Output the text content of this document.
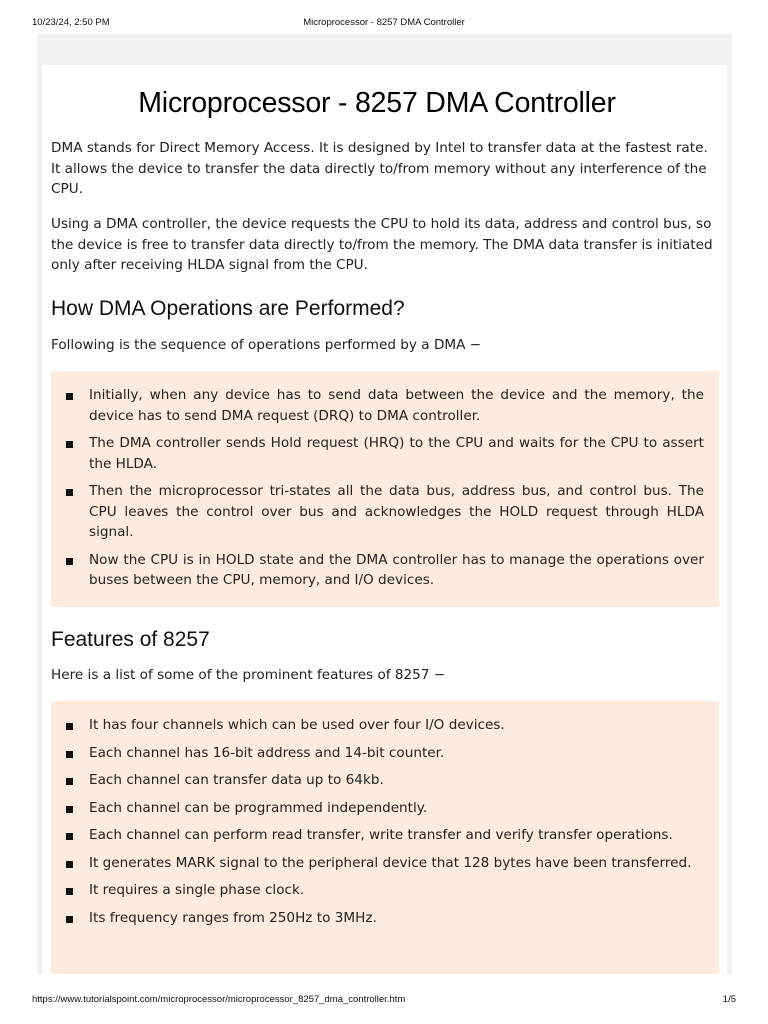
10/23/24, 2:50 PM	Microprocessor - 8257 DMA Controller
Microprocessor - 8257 DMA Controller

DMA stands for Direct Memory Access. It is designed by Intel to transfer data at the fastest rate. It allows the device to transfer the data directly to/from memory without any interference of the CPU.

Using a DMA controller, the device requests the CPU to hold its data, address and control bus, so the device is free to transfer data directly to/from the memory. The DMA data transfer is initiated only after receiving HLDA signal from the CPU.

How DMA Operations are Performed?

Following is the sequence of operations performed by a DMA −

Initially, when any device has to send data between the device and the memory, the device has to send DMA request (DRQ) to DMA controller.
The DMA controller sends Hold request (HRQ) to the CPU and waits for the CPU to assert the HLDA.
Then the microprocessor tri-states all the data bus, address bus, and control bus. The CPU leaves the control over bus and acknowledges the HOLD request through HLDA signal.
Now the CPU is in HOLD state and the DMA controller has to manage the operations over buses between the CPU, memory, and I/O devices.
Features of 8257

Here is a list of some of the prominent features of 8257 −

It has four channels which can be used over four I/O devices.
Each channel has 16-bit address and 14-bit counter.
Each channel can transfer data up to 64kb.
Each channel can be programmed independently.
Each channel can perform read transfer, write transfer and verify transfer operations.
It generates MARK signal to the peripheral device that 128 bytes have been transferred.
It requires a single phase clock.
Its frequency ranges from 250Hz to 3MHz.
https://www.tutorialspoint.com/microprocessor/microprocessor_8257_dma_controller.htm	1/5
